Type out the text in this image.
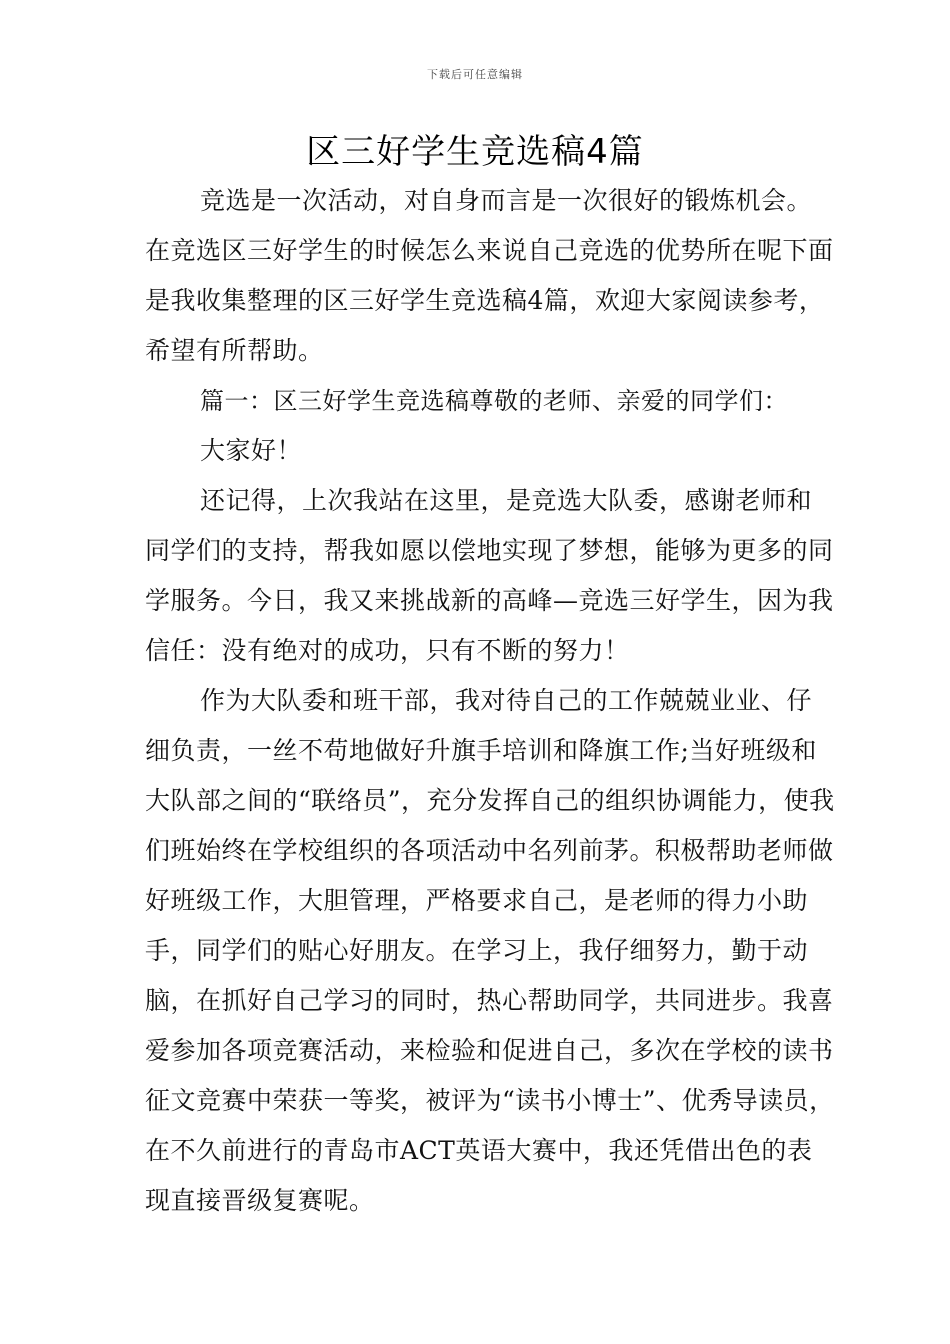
下载后可任意编辑
区三好学生竞选稿4篇

竞选是一次活动，对自身而言是一次很好的锻炼机会。在竞选区三好学生的时候怎么来说自己竞选的优势所在呢下面是我收集整理的区三好学生竞选稿4篇，欢迎大家阅读参考，希望有所帮助。

篇一：区三好学生竞选稿尊敬的老师、亲爱的同学们：

大家好！

还记得，上次我站在这里，是竞选大队委，感谢老师和同学们的支持，帮我如愿以偿地实现了梦想，能够为更多的同学服务。今日，我又来挑战新的高峰—竞选三好学生，因为我信任：没有绝对的成功，只有不断的努力！

作为大队委和班干部，我对待自己的工作兢兢业业、仔细负责，一丝不苟地做好升旗手培训和降旗工作;当好班级和大队部之间的“联络员”，充分发挥自己的组织协调能力，使我们班始终在学校组织的各项活动中名列前茅。积极帮助老师做好班级工作，大胆管理，严格要求自己，是老师的得力小助手，同学们的贴心好朋友。在学习上，我仔细努力，勤于动脑，在抓好自己学习的同时，热心帮助同学，共同进步。我喜爱参加各项竞赛活动，来检验和促进自己，多次在学校的读书征文竞赛中荣获一等奖，被评为“读书小博士”、优秀导读员，在不久前进行的青岛市ACT英语大赛中，我还凭借出色的表现直接晋级复赛呢。
